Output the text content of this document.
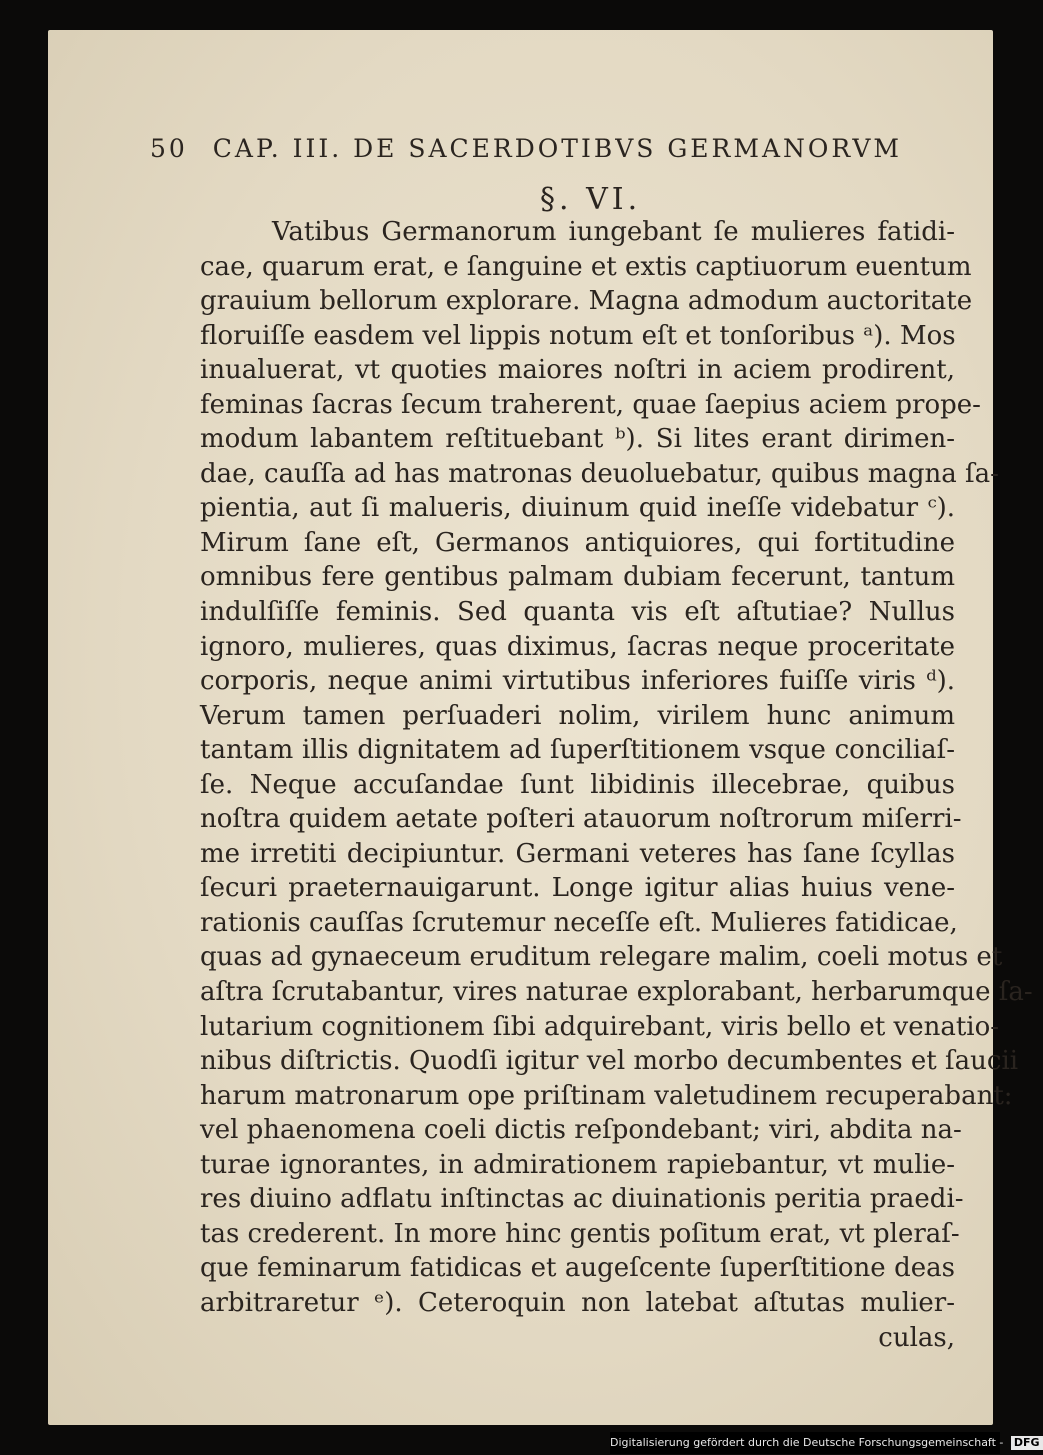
50 CAP. III. DE SACERDOTIBVS GERMANORVM
§. VI.
Vatibus Germanorum iungebant ſe mulieres fatidi-
cae, quarum erat, e ſanguine et extis captiuorum euentum
grauium bellorum explorare. Magna admodum auctoritate
floruiſſe easdem vel lippis notum eſt et tonſoribus ᵃ). Mos
inualuerat, vt quoties maiores noſtri in aciem prodirent,
feminas ſacras ſecum traherent, quae ſaepius aciem prope-
modum labantem reſtituebant ᵇ). Si lites erant dirimen-
dae, cauſſa ad has matronas deuoluebatur, quibus magna ſa-
pientia, aut ſi malueris, diuinum quid ineſſe videbatur ᶜ).
Mirum ſane eſt, Germanos antiquiores, qui fortitudine
omnibus fere gentibus palmam dubiam fecerunt, tantum
indulſiſſe feminis. Sed quanta vis eſt aſtutiae? Nullus
ignoro, mulieres, quas diximus, ſacras neque proceritate
corporis, neque animi virtutibus inferiores fuiſſe viris ᵈ).
Verum tamen perſuaderi nolim, virilem hunc animum
tantam illis dignitatem ad ſuperſtitionem vsque conciliaſ-
ſe. Neque accuſandae ſunt libidinis illecebrae, quibus
noſtra quidem aetate poſteri atauorum noſtrorum miſerri-
me irretiti decipiuntur. Germani veteres has ſane ſcyllas
ſecuri praeternauigarunt. Longe igitur alias huius vene-
rationis cauſſas ſcrutemur neceſſe eſt. Mulieres fatidicae,
quas ad gynaeceum eruditum relegare malim, coeli motus et
aſtra ſcrutabantur, vires naturae explorabant, herbarumque ſa-
lutarium cognitionem ſibi adquirebant, viris bello et venatio-
nibus diſtrictis. Quodſi igitur vel morbo decumbentes et ſaucii
harum matronarum ope priſtinam valetudinem recuperabant:
vel phaenomena coeli dictis reſpondebant; viri, abdita na-
turae ignorantes, in admirationem rapiebantur, vt mulie-
res diuino adflatu inſtinctas ac diuinationis peritia praedi-
tas crederent. In more hinc gentis poſitum erat, vt pleraſ-
que feminarum fatidicas et augeſcente ſuperſtitione deas
arbitraretur ᵉ). Ceteroquin non latebat aſtutas mulier-
culas,
Digitalisierung gefördert durch die Deutsche Forschungsgemeinschaft - DFG
